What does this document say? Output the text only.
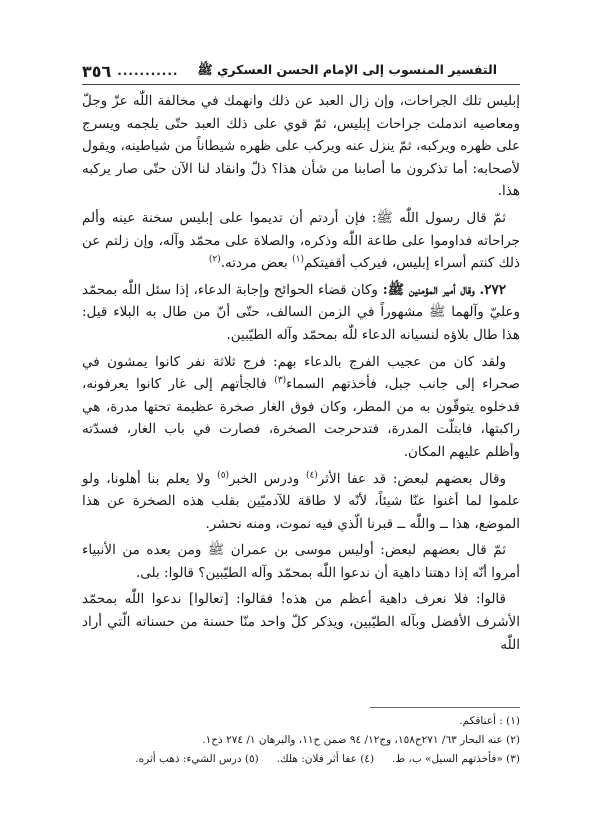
التفسير المنسوب إلى الإمام الحسن العسكري ﷺ
...........
٣٥٦

إبليس تلك الجراحات، وإن زال العبد عن ذلك وانهمك في مخالفة اللّٰه عزّ وجلّ ومعاصيه اندملت جراحات إبليس، ثمّ قوي على ذلك العبد حتّى يلجمه ويسرج على ظهره ويركبه، ثمّ ينزل عنه ويركب على ظهره شيطاناً من شياطينه، ويقول لأصحابه: أما تذكرون ما أصابنا من شأن هذا؟ ذلّ وانقاد لنا الآن حتّى صار يركبه هذا.

ثمّ قال رسول اللّٰه ﷺ: فإن أردتم أن تديموا على إبليس سخنة عينه وألم جراحاته فداوموا على طاعة اللّٰه وذكره، والصلاة على محمّد وآله، وإن زلتم عن ذلك كنتم أسراء إبليس، فيركب أقفيتكم$^{(١)}$ بعض مردته.$^{(٢)}$

٢٧٢. وقال أمير المؤمنين ﷺ: وكان قضاء الحوائج وإجابة الدعاء، إذا سئل اللّٰه بمحمّد وعليّ وآلهما ﷺ مشهوراً في الزمن السالف، حتّى أنّ من طال به البلاء قيل: هذا طال بلاؤه لنسيانه الدعاء للّٰه بمحمّد وآله الطيّبين.

ولقد كان من عجيب الفرج بالدعاء بهم: فرج ثلاثة نفر كانوا يمشون في صحراء إلى جانب جبل، فأخذتهم السماء$^{(٣)}$ فالجأتهم إلى غار كانوا يعرفونه، فدخلوه يتوقّون به من المطر، وكان فوق الغار صخرة عظيمة تحتها مدرة، هي راكبتها، فابتلّت المدرة، فتدحرجت الصخرة، فصارت في باب الغار، فسدّته وأظلم عليهم المكان.

وقال بعضهم لبعض: قد عفا الأثر$^{(٤)}$ ودرس الخبر$^{(٥)}$ ولا يعلم بنا أهلونا، ولو علموا لما أغنوا عنّا شيئاً، لأنّه لا طاقة للآدميّين بقلب هذه الصخرة عن هذا الموضع، هذا ــ واللّٰه ــ قبرنا الّذي فيه نموت، ومنه نحشر.

ثمّ قال بعضهم لبعض: أوليس موسى بن عمران ﷺ ومن بعده من الأنبياء أمروا أنّه إذا دهتنا داهية أن ندعوا اللّٰه بمحمّد وآله الطيّبين؟ قالوا: بلى.

قالوا: فلا نعرف داهية أعظم من هذه! فقالوا: [تعالوا] ندعوا اللّٰه بمحمّد الأشرف الأفضل وبآله الطيّبين، ويذكر كلّ واحد منّا حسنة من حسناته الّتي أراد اللّٰه

(١) : أعناقكم.

(٢) عنه البحار ٦٣/ ٢٧١ح١٥٨، وج١٢/ ٩٤ ضمن ح١١، والبرهان ١/ ٢٧٤ ذح١.

(٣) «فأخذتهم السيل» ب، ط.(٤) عفا أثر فلان: هلك.(٥) درس الشيء: ذهب أثره.
